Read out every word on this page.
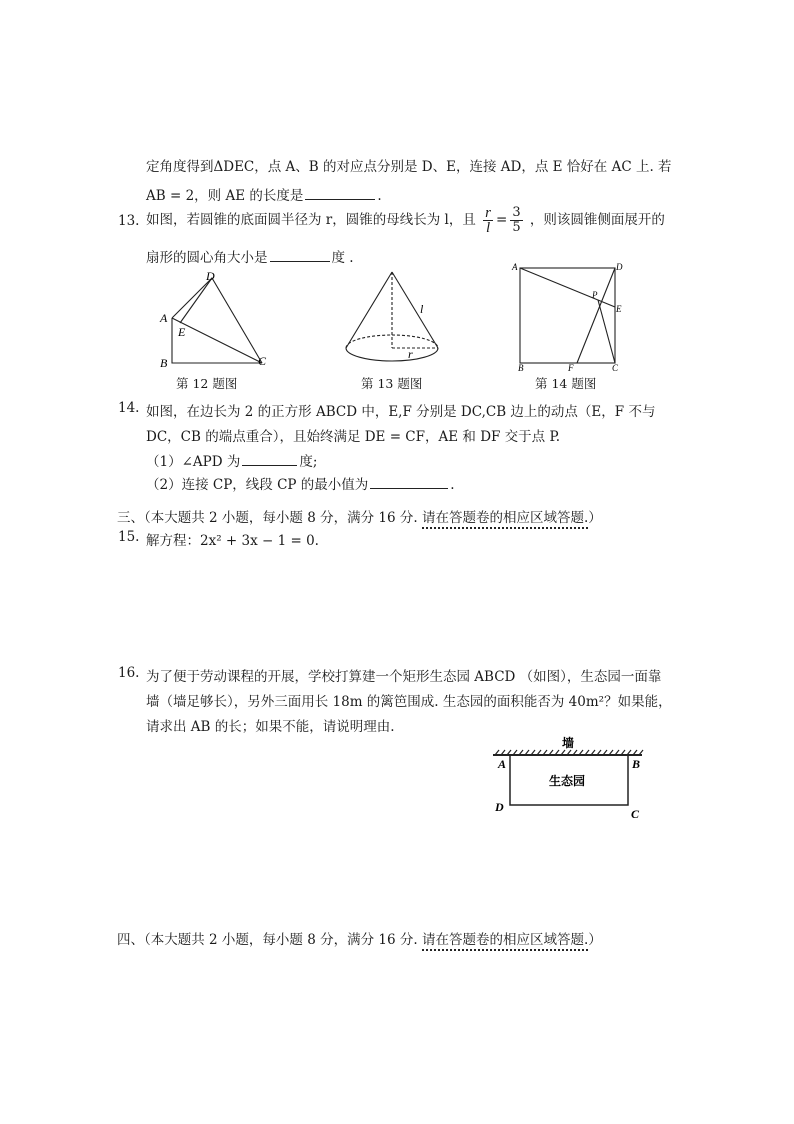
定角度得到ΔDEC，点 A、B 的对应点分别是 D、E，连接 AD，点 E 恰好在 AC 上. 若
AB = 2，则 AE 的长度是	.
13. 如图，若圆锥的底面圆半径为 r，圆锥的母线长为 l，且 $\frac{r}{l} = \frac{3}{5}$ ，则该圆锥侧面展开的
扇形的圆心角大小是	度 .
D
A
E
B	C
第 12 题图
l
r
第 13 题图
A	D
P
E
B	F	C
第 14 题图
14. 如图，在边长为 2 的正方形 ABCD 中，E,F 分别是 DC,CB 边上的动点（E，F 不与
DC，CB 的端点重合），且始终满足 DE = CF，AE 和 DF 交于点 P.
（1）∠APD 为	度;
（2）连接 CP，线段 CP 的最小值为	.
三、（本大题共 2 小题，每小题 8 分，满分 16 分. 请在答题卷的相应区域答题.）
15. 解方程：2x² + 3x − 1 = 0.
16. 为了便于劳动课程的开展，学校打算建一个矩形生态园 ABCD （如图），生态园一面靠
墙（墙足够长），另外三面用长 18m 的篱笆围成. 生态园的面积能否为 40m²？如果能，
请求出 AB 的长；如果不能，请说明理由.
墙
生态园
A	B
D	C
四、（本大题共 2 小题，每小题 8 分，满分 16 分. 请在答题卷的相应区域答题.）
